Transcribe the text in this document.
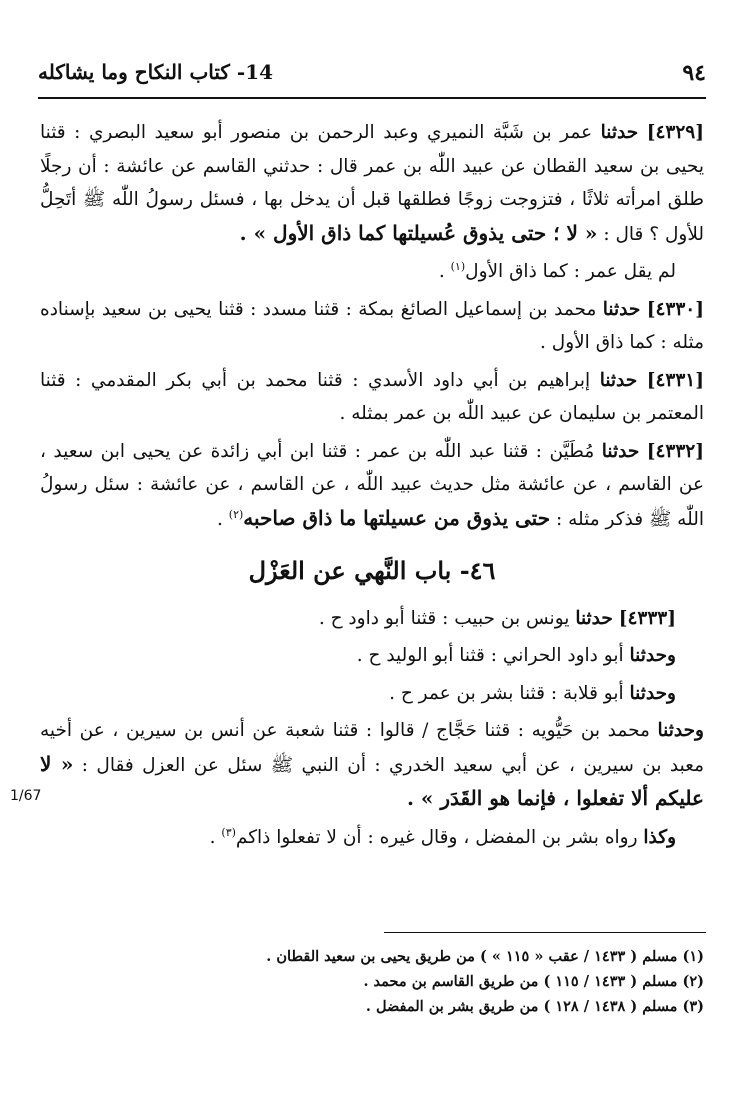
٩٤
14- كتاب النكاح وما يشاكله

[٤٣٢٩] حدثنا عمر بن شَبَّة النميري وعبد الرحمن بن منصور أبو سعيد البصري : قثنا يحيى بن سعيد القطان عن عبيد اللّٰه بن عمر قال : حدثني القاسم عن عائشة : أن رجلًا طلق امرأته ثلاثًا ، فتزوجت زوجًا فطلقها قبل أن يدخل بها ، فسئل رسولُ اللّٰه ﷺ أتَحِلُّ للأول ؟ قال : « لا ؛ حتى يذوق عُسيلتها كما ذاق الأول » .

لم يقل عمر : كما ذاق الأول$^{(١)}$ .

[٤٣٣٠] حدثنا محمد بن إسماعيل الصائغ بمكة : قثنا مسدد : قثنا يحيى بن سعيد بإسناده مثله : كما ذاق الأول .

[٤٣٣١] حدثنا إبراهيم بن أبي داود الأسدي : قثنا محمد بن أبي بكر المقدمي : قثنا المعتمر بن سليمان عن عبيد اللّٰه بن عمر بمثله .

[٤٣٣٢] حدثنا مُطَيَّن : قثنا عبد اللّٰه بن عمر : قثنا ابن أبي زائدة عن يحيى ابن سعيد ، عن القاسم ، عن عائشة مثل حديث عبيد اللّٰه ، عن القاسم ، عن عائشة : سئل رسولُ اللّٰه ﷺ فذكر مثله : حتى يذوق من عسيلتها ما ذاق صاحبه$^{(٢)}$ .

٤٦- باب النَّهي عن العَزْل

[٤٣٣٣] حدثنا يونس بن حبيب : قثنا أبو داود ح .

وحدثنا أبو داود الحراني : قثنا أبو الوليد ح .

وحدثنا أبو قلابة : قثنا بشر بن عمر ح .

وحدثنا محمد بن حَيُّويه : قثنا حَجَّاج / قالوا : قثنا شعبة عن أنس بن سيرين ، عن أخيه معبد بن سيرين ، عن أبي سعيد الخدري : أن النبي ﷺ سئل عن العزل فقال : « لا عليكم ألا تفعلوا ، فإنما هو القَدَر » .

وكذا رواه بشر بن المفضل ، وقال غيره : أن لا تفعلوا ذاكم$^{(٣)}$ .

1/67

(١) مسلم ( ١٤٣٣ / عقب « ١١٥ » ) من طريق يحيى بن سعيد القطان .

(٢) مسلم ( ١٤٣٣ / ١١٥ ) من طريق القاسم بن محمد .

(٣) مسلم ( ١٤٣٨ / ١٢٨ ) من طريق بشر بن المفضل .
